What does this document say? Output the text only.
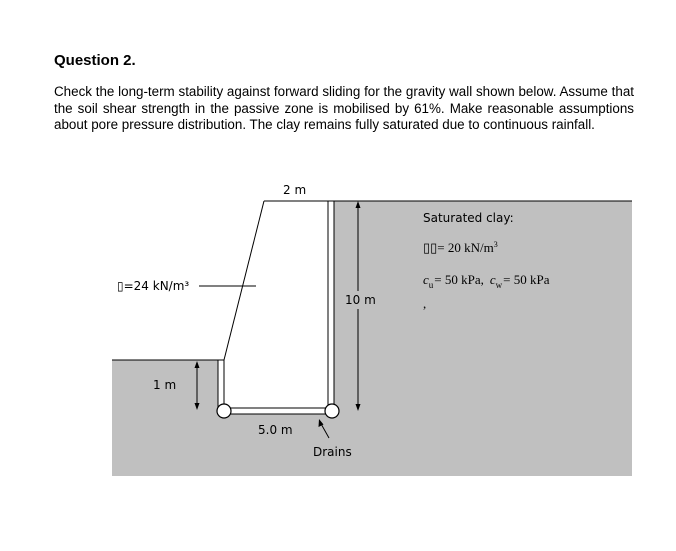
Question 2.

Check the long-term stability against forward sliding for the gravity wall shown below. Assume that the soil shear strength in the passive zone is mobilised by 61%. Make reasonable assumptions about pore pressure distribution. The clay remains fully saturated due to continuous rainfall.

10 m
1 m
2 m
▯=24 kN/m³
5.0 m
Drains
Saturated clay:
▯▯= 20 $kN/m^3$
$c_u= 50$ kPa, $c_w= 50$ kPa
,
